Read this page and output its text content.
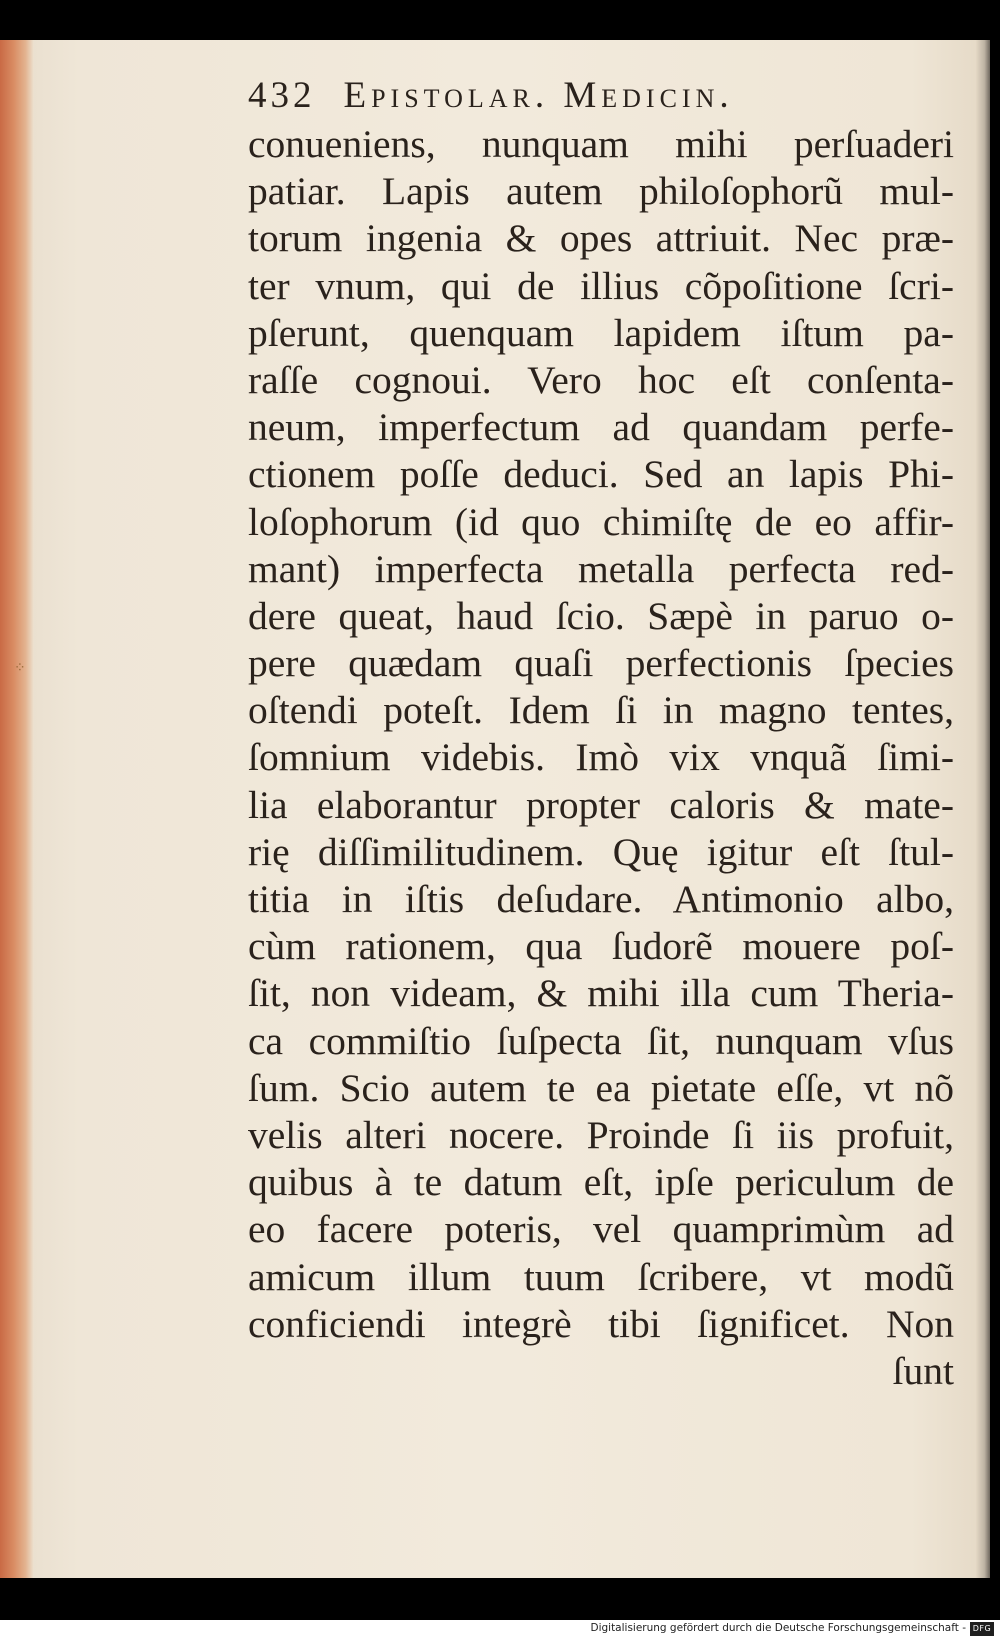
⁘
432 Epistolar. Medicin.
conueniens, nunquam mihi perſuaderi
patiar. Lapis autem philoſophorũ mul-
torum ingenia & opes attriuit. Nec præ-
ter vnum, qui de illius cõpoſitione ſcri-
pſerunt, quenquam lapidem iſtum pa-
raſſe cognoui. Vero hoc eſt conſenta-
neum, imperfectum ad quandam perfe-
ctionem poſſe deduci. Sed an lapis Phi-
loſophorum (id quo chimiſtę de eo affir-
mant) imperfecta metalla perfecta red-
dere queat, haud ſcio. Sæpè in paruo o-
pere quædam quaſi perfectionis ſpecies
oſtendi poteſt. Idem ſi in magno tentes,
ſomnium videbis. Imò vix vnquã ſimi-
lia elaborantur propter caloris & mate-
rię diſſimilitudinem. Quę igitur eſt ſtul-
titia in iſtis deſudare. Antimonio albo,
cùm rationem, qua ſudorẽ mouere poſ-
ſit, non videam, & mihi illa cum Theria-
ca commiſtio ſuſpecta ſit, nunquam vſus
ſum. Scio autem te ea pietate eſſe, vt nõ
velis alteri nocere. Proinde ſi iis profuit,
quibus à te datum eſt, ipſe periculum de
eo facere poteris, vel quamprimùm ad
amicum illum tuum ſcribere, vt modũ
conficiendi integrè tibi ſignificet. Non
ſunt
Digitalisierung gefördert durch die Deutsche Forschungsgemeinschaft - DFG
